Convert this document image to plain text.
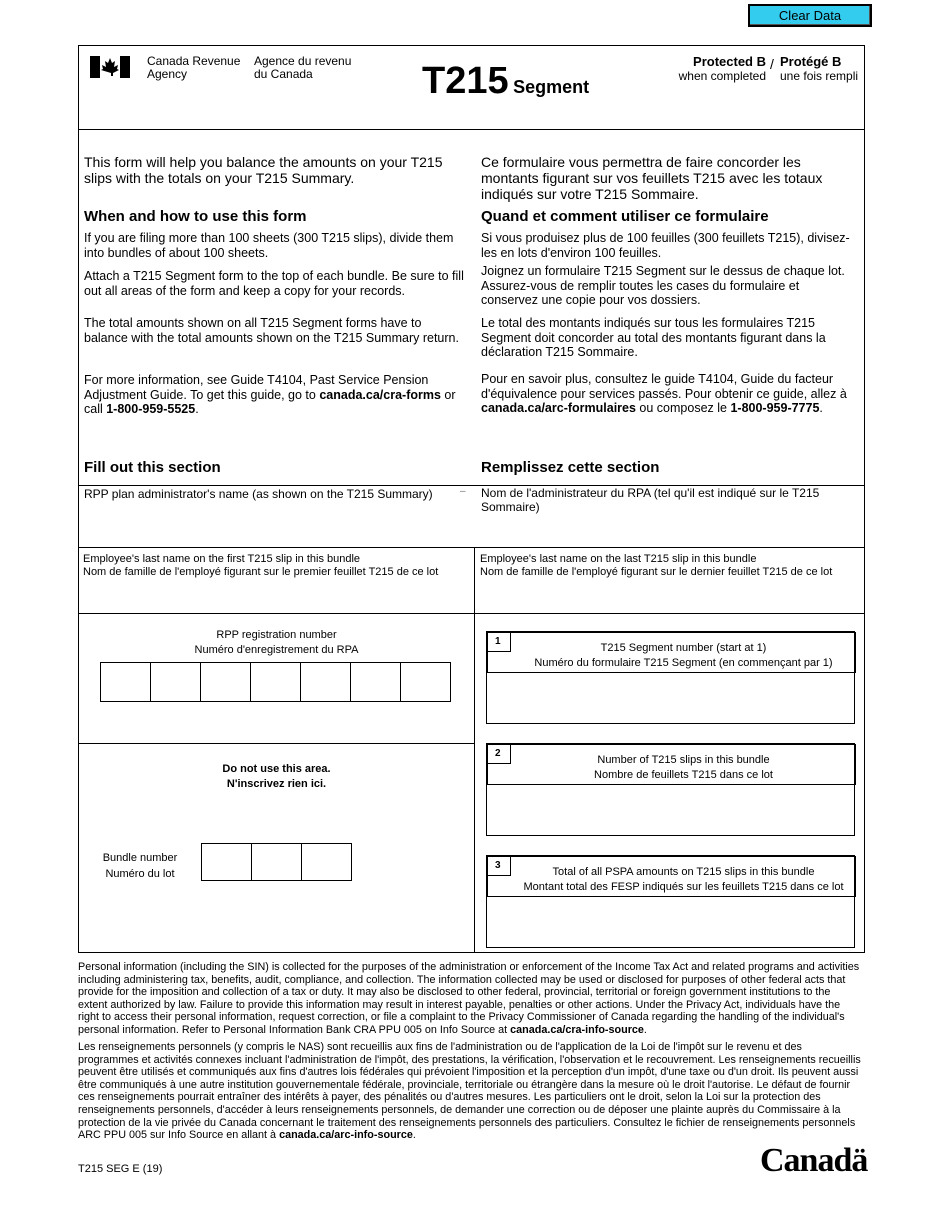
Clear Data
Canada Revenue
Agency
Agence du revenu
du Canada	T215 Segment
Protected B
when completed
/ Protégé B
une fois rempli
This form will help you balance the amounts on your T215 slips with the totals on your T215 Summary.
Ce formulaire vous permettra de faire concorder les montants figurant sur vos feuillets T215 avec les totaux indiqués sur votre T215 Sommaire.
When and how to use this form	Quand et comment utiliser ce formulaire
If you are filing more than 100 sheets (300 T215 slips), divide them into bundles of about 100 sheets.
Si vous produisez plus de 100 feuilles (300 feuillets T215), divisez-les en lots d'environ 100 feuilles.
Attach a T215 Segment form to the top of each bundle. Be sure to fill out all areas of the form and keep a copy for your records.
Joignez un formulaire T215 Segment sur le dessus de chaque lot. Assurez-vous de remplir toutes les cases du formulaire et conservez une copie pour vos dossiers.
The total amounts shown on all T215 Segment forms have to balance with the total amounts shown on the T215 Summary return.
Le total des montants indiqués sur tous les formulaires T215 Segment doit concorder au total des montants figurant dans la déclaration T215 Sommaire.
For more information, see Guide T4104, Past Service Pension Adjustment Guide. To get this guide, go to canada.ca/cra-forms or call 1-800-959-5525.
Pour en savoir plus, consultez le guide T4104, Guide du facteur d'équivalence pour services passés. Pour obtenir ce guide, allez à canada.ca/arc-formulaires ou composez le 1-800-959-7775.
Fill out this section	Remplissez cette section
RPP plan administrator's name (as shown on the T215 Summary)	– Nom de l'administrateur du RPA (tel qu'il est indiqué sur le T215 Sommaire)
Employee's last name on the first T215 slip in this bundle
Nom de famille de l'employé figurant sur le premier feuillet T215 de ce lot
Employee's last name on the last T215 slip in this bundle
Nom de famille de l'employé figurant sur le dernier feuillet T215 de ce lot
RPP registration number
Numéro d'enregistrement du RPA
Do not use this area.
N'inscrivez rien ici.
Bundle number
Numéro du lot
1
T215 Segment number (start at 1)
Numéro du formulaire T215 Segment (en commençant par 1)
2
Number of T215 slips in this bundle
Nombre de feuillets T215 dans ce lot
3
Total of all PSPA amounts on T215 slips in this bundle
Montant total des FESP indiqués sur les feuillets T215 dans ce lot
Personal information (including the SIN) is collected for the purposes of the administration or enforcement of the Income Tax Act and related programs and activities including administering tax, benefits, audit, compliance, and collection. The information collected may be used or disclosed for purposes of other federal acts that provide for the imposition and collection of a tax or duty. It may also be disclosed to other federal, provincial, territorial or foreign government institutions to the extent authorized by law. Failure to provide this information may result in interest payable, penalties or other actions. Under the Privacy Act, individuals have the right to access their personal information, request correction, or file a complaint to the Privacy Commissioner of Canada regarding the handling of the individual's personal information. Refer to Personal Information Bank CRA PPU 005 on Info Source at canada.ca/cra-info-source.
Les renseignements personnels (y compris le NAS) sont recueillis aux fins de l'administration ou de l'application de la Loi de l'impôt sur le revenu et des programmes et activités connexes incluant l'administration de l'impôt, des prestations, la vérification, l'observation et le recouvrement. Les renseignements recueillis peuvent être utilisés et communiqués aux fins d'autres lois fédérales qui prévoient l'imposition et la perception d'un impôt, d'une taxe ou d'un droit. Ils peuvent aussi être communiqués à une autre institution gouvernementale fédérale, provinciale, territoriale ou étrangère dans la mesure où le droit l'autorise. Le défaut de fournir ces renseignements pourrait entraîner des intérêts à payer, des pénalités ou d'autres mesures. Les particuliers ont le droit, selon la Loi sur la protection des renseignements personnels, d'accéder à leurs renseignements personnels, de demander une correction ou de déposer une plainte auprès du Commissaire à la protection de la vie privée du Canada concernant le traitement des renseignements personnels des particuliers. Consultez le fichier de renseignements personnels ARC PPU 005 sur Info Source en allant à canada.ca/arc-info-source.
T215 SEG E (19)	Canadä
